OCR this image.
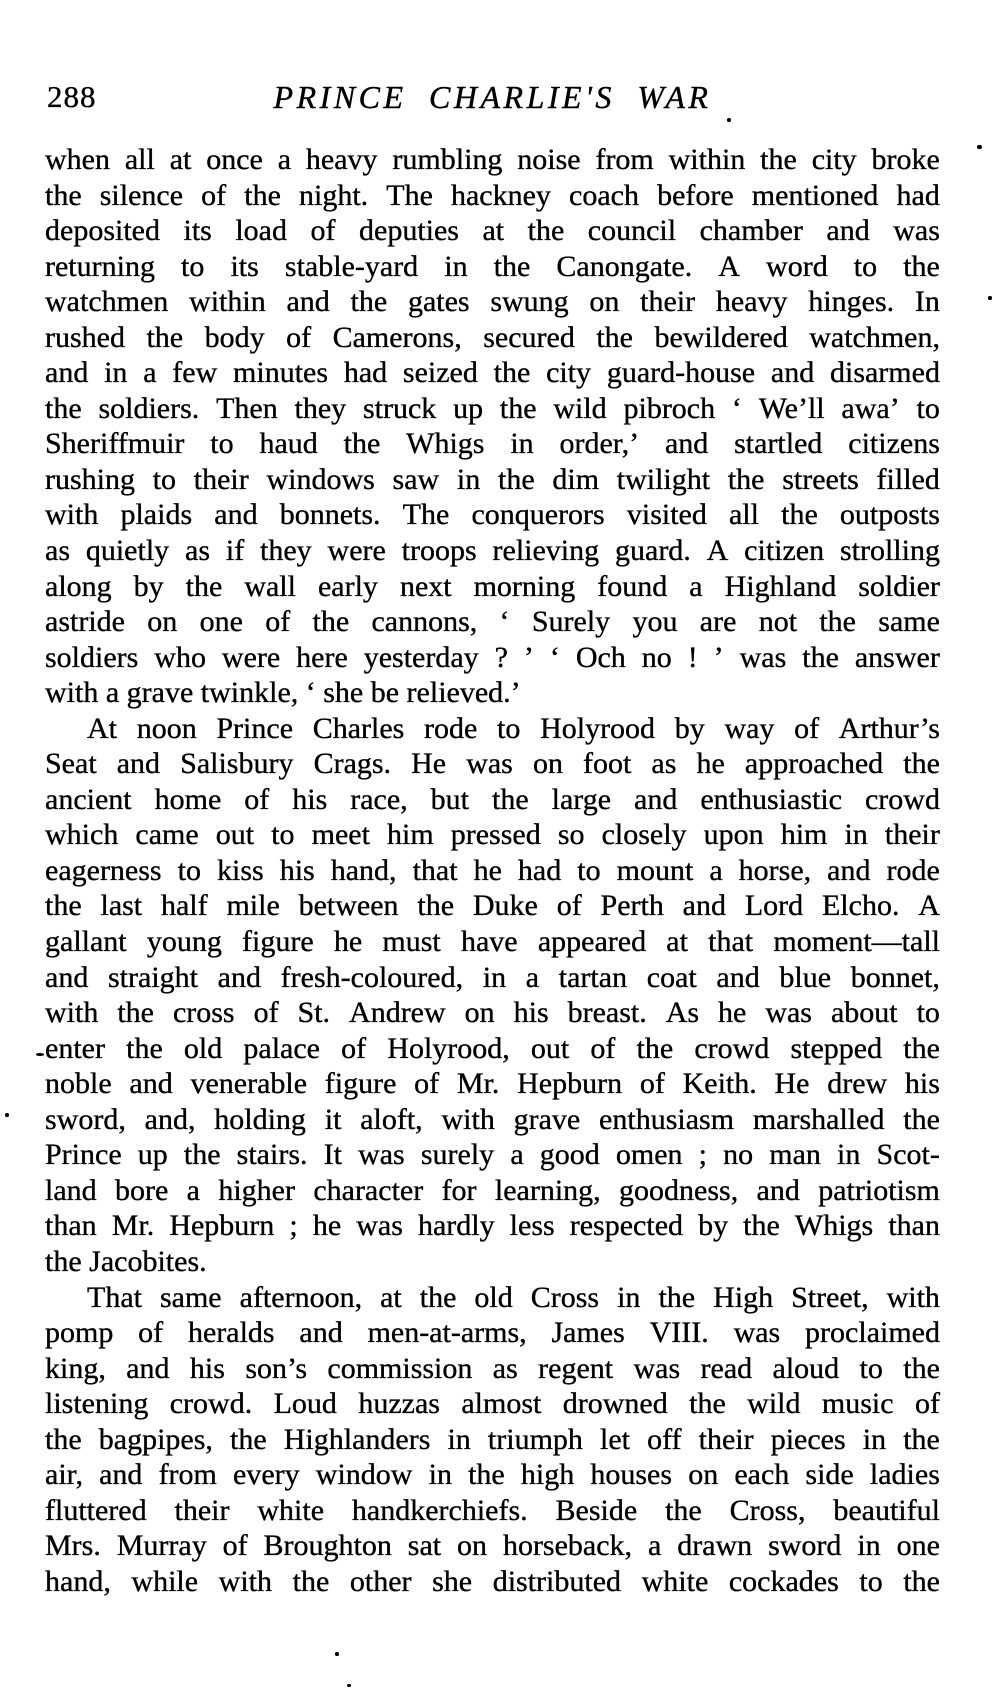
288	PRINCE CHARLIE'S WAR
when all at once a heavy rumbling noise from within the city broke
the silence of the night. The hackney coach before mentioned had
deposited its load of deputies at the council chamber and was
returning to its stable-yard in the Canongate. A word to the
watchmen within and the gates swung on their heavy hinges. In
rushed the body of Camerons, secured the bewildered watchmen,
and in a few minutes had seized the city guard-house and disarmed
the soldiers. Then they struck up the wild pibroch ‘ We’ll awa’ to
Sheriffmuir to haud the Whigs in order,’ and startled citizens
rushing to their windows saw in the dim twilight the streets filled
with plaids and bonnets. The conquerors visited all the outposts
as quietly as if they were troops relieving guard. A citizen strolling
along by the wall early next morning found a Highland soldier
astride on one of the cannons, ‘ Surely you are not the same
soldiers who were here yesterday ? ’ ‘ Och no ! ’ was the answer
with a grave twinkle, ‘ she be relieved.’
At noon Prince Charles rode to Holyrood by way of Arthur’s
Seat and Salisbury Crags. He was on foot as he approached the
ancient home of his race, but the large and enthusiastic crowd
which came out to meet him pressed so closely upon him in their
eagerness to kiss his hand, that he had to mount a horse, and rode
the last half mile between the Duke of Perth and Lord Elcho. A
gallant young figure he must have appeared at that moment—tall
and straight and fresh-coloured, in a tartan coat and blue bonnet,
with the cross of St. Andrew on his breast. As he was about to
enter the old palace of Holyrood, out of the crowd stepped the
noble and venerable figure of Mr. Hepburn of Keith. He drew his
sword, and, holding it aloft, with grave enthusiasm marshalled the
Prince up the stairs. It was surely a good omen ; no man in Scot-
land bore a higher character for learning, goodness, and patriotism
than Mr. Hepburn ; he was hardly less respected by the Whigs than
the Jacobites.
That same afternoon, at the old Cross in the High Street, with
pomp of heralds and men-at-arms, James VIII. was proclaimed
king, and his son’s commission as regent was read aloud to the
listening crowd. Loud huzzas almost drowned the wild music of
the bagpipes, the Highlanders in triumph let off their pieces in the
air, and from every window in the high houses on each side ladies
fluttered their white handkerchiefs. Beside the Cross, beautiful
Mrs. Murray of Broughton sat on horseback, a drawn sword in one
hand, while with the other she distributed white cockades to the
